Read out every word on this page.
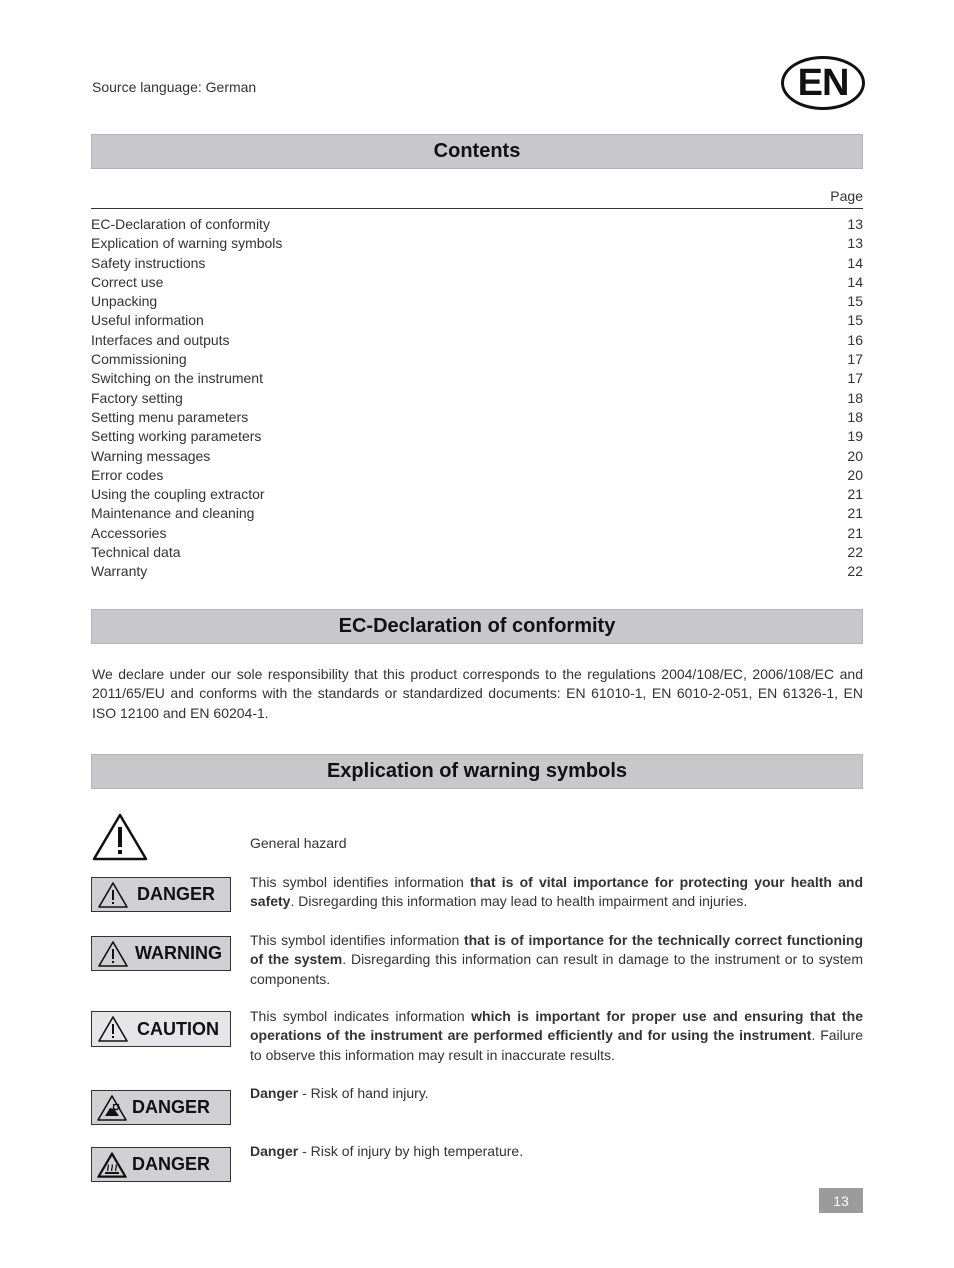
Source language: German	EN
Contents
Page
EC-Declaration of conformity	13
Explication of warning symbols	13
Safety instructions	14
Correct use	14
Unpacking	15
Useful information	15
Interfaces and outputs	16
Commissioning	17
Switching on the instrument	17
Factory setting	18
Setting menu parameters	18
Setting working parameters	19
Warning messages	20
Error codes	20
Using the coupling extractor	21
Maintenance and cleaning	21
Accessories	21
Technical data	22
Warranty	22
EC-Declaration of conformity
We declare under our sole responsibility that this product corresponds to the regulations 2004/108/EC, 2006/108/EC and 2011/65/EU and conforms with the standards or standardized documents: EN 61010-1, EN 6010-2-051, EN 61326-1, EN ISO 12100 and EN 60204-1.
Explication of warning symbols
General hazard
DANGER
This symbol identifies information that is of vital importance for protecting your health and safety. Disregarding this information may lead to health impairment and injuries.
WARNING
This symbol identifies information that is of importance for the technically correct functioning of the system. Disregarding this information can result in damage to the instrument or to system components.
CAUTION
This symbol indicates information which is important for proper use and ensuring that the operations of the instrument are performed efficiently and for using the instrument. Failure to observe this information may result in inaccurate results.
DANGER
Danger - Risk of hand injury.
DANGER
Danger - Risk of injury by high temperature.
13
